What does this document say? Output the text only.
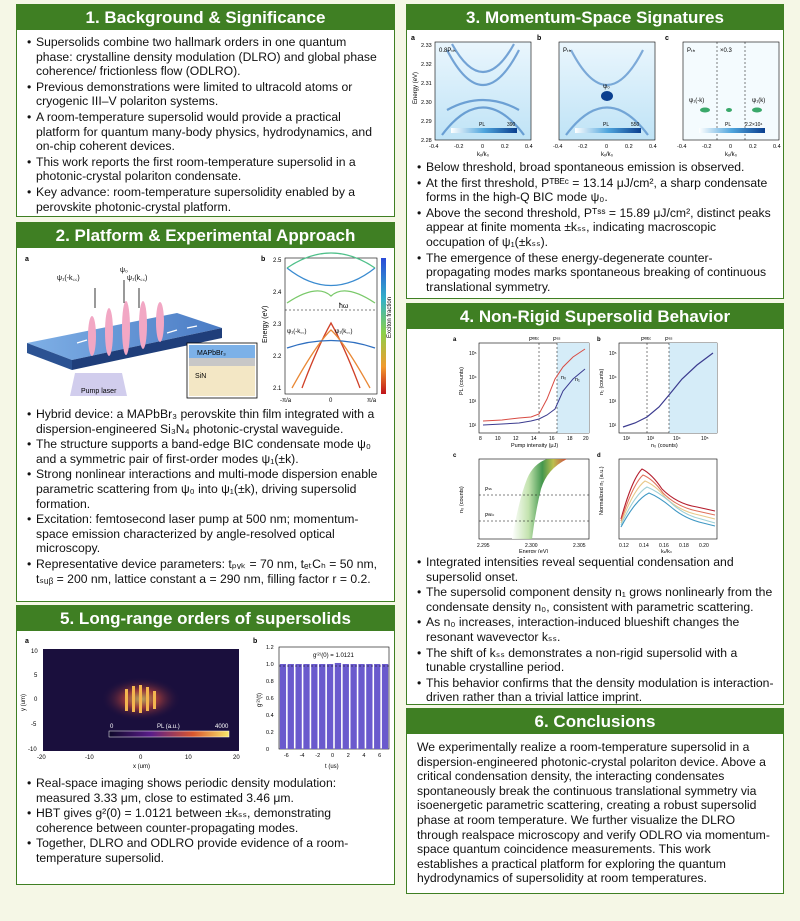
1. Background & Significance
• Supersolids combine two hallmark orders in one quantum phase: crystalline density modulation (DLRO) and global phase coherence/ frictionless flow (ODLRO).
• Previous demonstrations were limited to ultracold atoms or cryogenic III–V polariton systems.
• A room-temperature supersolid would provide a practical platform for quantum many-body physics, hydrodynamics, and on-chip coherent devices.
• This work reports the first room-temperature supersolid in a photonic-crystal polariton condensate.
• Key advance: room-temperature supersolidity enabled by a perovskite photonic-crystal platform.
2. Platform & Experimental Approach
a
ψ₁(-k꜀꜀)
ψ₀
ψ₁(k꜀꜀)
Pump laser
MAPbBr₃
SiN
b
ħω
ψ₁(-k꜀꜀)	ψ₁(k꜀꜀)
Energy (eV)
2.5
2.4
2.3
2.2
2.1
-π/a	0	π/a
Exciton fraction
• Hybrid device: a MAPbBr₃ perovskite thin film integrated with a dispersion-engineered Si₃N₄ photonic-crystal waveguide.
• The structure supports a band-edge BIC condensate mode ψ₀ and a symmetric pair of first-order modes ψ₁(±k).
• Strong nonlinear interactions and multi-mode dispersion enable parametric scattering from ψ₀ into ψ₁(±k), driving supersolid formation.
• Excitation: femtosecond laser pump at 500 nm; momentum-space emission characterized by angle-resolved optical microscopy.
• Representative device parameters: tₚᵥₖ = 70 nm, tₑₜCₕ = 50 nm, tₛᵤᵦ = 200 nm, lattice constant a = 290 nm, filling factor r = 0.2.
5. Long-range orders of supersolids
a
PL (a.u.)
0	4000
10
5
0
-5
-10
y (um)
-20	-10	0	10	20
x (um)
b
g⁽²⁾(0) = 1.0121
1.2
1.0
0.8
0.6
0.4
0.2
0
-6 -4 -2 0 2 4 6
g⁽²⁾(t)
t (us)
• Real-space imaging shows periodic density modulation: measured 3.33 μm, close to estimated 3.46 μm.
• HBT gives g²(0) = 1.0121 between ±kₛₛ, demonstrating coherence between counter-propagating modes.
• Together, DLRO and ODLRO provide evidence of a room-temperature supersolid.
3. Momentum-Space Signatures
a	b	c
0.8Pₜₕ
PL	390
ψ₀
Pₜₕ
PL	550
ψ₁(-k)	ψ₁(k)
×0.3
Pₜₕ
PL	2.2×10⁴
Energy (eV)
2.33
2.32
2.31
2.30
2.29
2.28
-0.4	-0.2	0	0.2	0.4	-0.4	-0.2	0	0.2	0.4	-0.4	-0.2	0	0.2	0.4
kₓ/k₀	kₓ/k₀	kₓ/k₀
• Below threshold, broad spontaneous emission is observed.
• At the first threshold, Pᵀᴮᴱᶜ = 13.14 μJ/cm², a sharp condensate forms in the high-Q BIC mode ψ₀.
• Above the second threshold, Pᵀˢˢ = 15.89 μJ/cm², distinct peaks appear at finite momenta ±kₛₛ, indicating macroscopic occupation of ψ₁(±kₛₛ).
• The emergence of these energy-degenerate counter-propagating modes marks spontaneous breaking of continuous translational symmetry.
4. Non-Rigid Supersolid Behavior
a	Pᴮᴱᶜ	Pˢˢ
n₀ n₁
PL (counts)
8	10 12 14 16 18 20
Pump intensity (μJ)
10⁵
10⁴
10³
10²
b	Pᴮᴱᶜ	Pˢˢ
n₁ (counts)
10²	10³	10⁴	10⁵
n₀ (counts)
10⁵
10⁴
10³
10²
c
Pˢˢ
Pᴮᴱᶜ
n₀ (counts)
2.295	2.300	2.305
Energy (eV)
d
Normalized n₁ (a.u.)
0.12 0.14 0.16 0.18 0.20
kₓ/k₀
• Integrated intensities reveal sequential condensation and supersolid onset.
• The supersolid component density n₁ grows nonlinearly from the condensate density n₀, consistent with parametric scattering.
• As n₀ increases, interaction-induced blueshift changes the resonant wavevector kₛₛ.
• The shift of kₛₛ demonstrates a non-rigid supersolid with a tunable crystalline period.
• This behavior confirms that the density modulation is interaction-driven rather than a trivial lattice imprint.
6. Conclusions
We experimentally realize a room-temperature supersolid in a dispersion-engineered photonic-crystal polariton device. Above a critical condensation density, the interacting condensates spontaneously break the continuous translational symmetry via isoenergetic parametric scattering, creating a robust supersolid phase at room temperature. We further visualize the DLRO through realspace microscopy and verify ODLRO via momentum-space quantum coincidence measurements. This work establishes a practical platform for exploring the quantum hydrodynamics of supersolidity at room temperatures.
